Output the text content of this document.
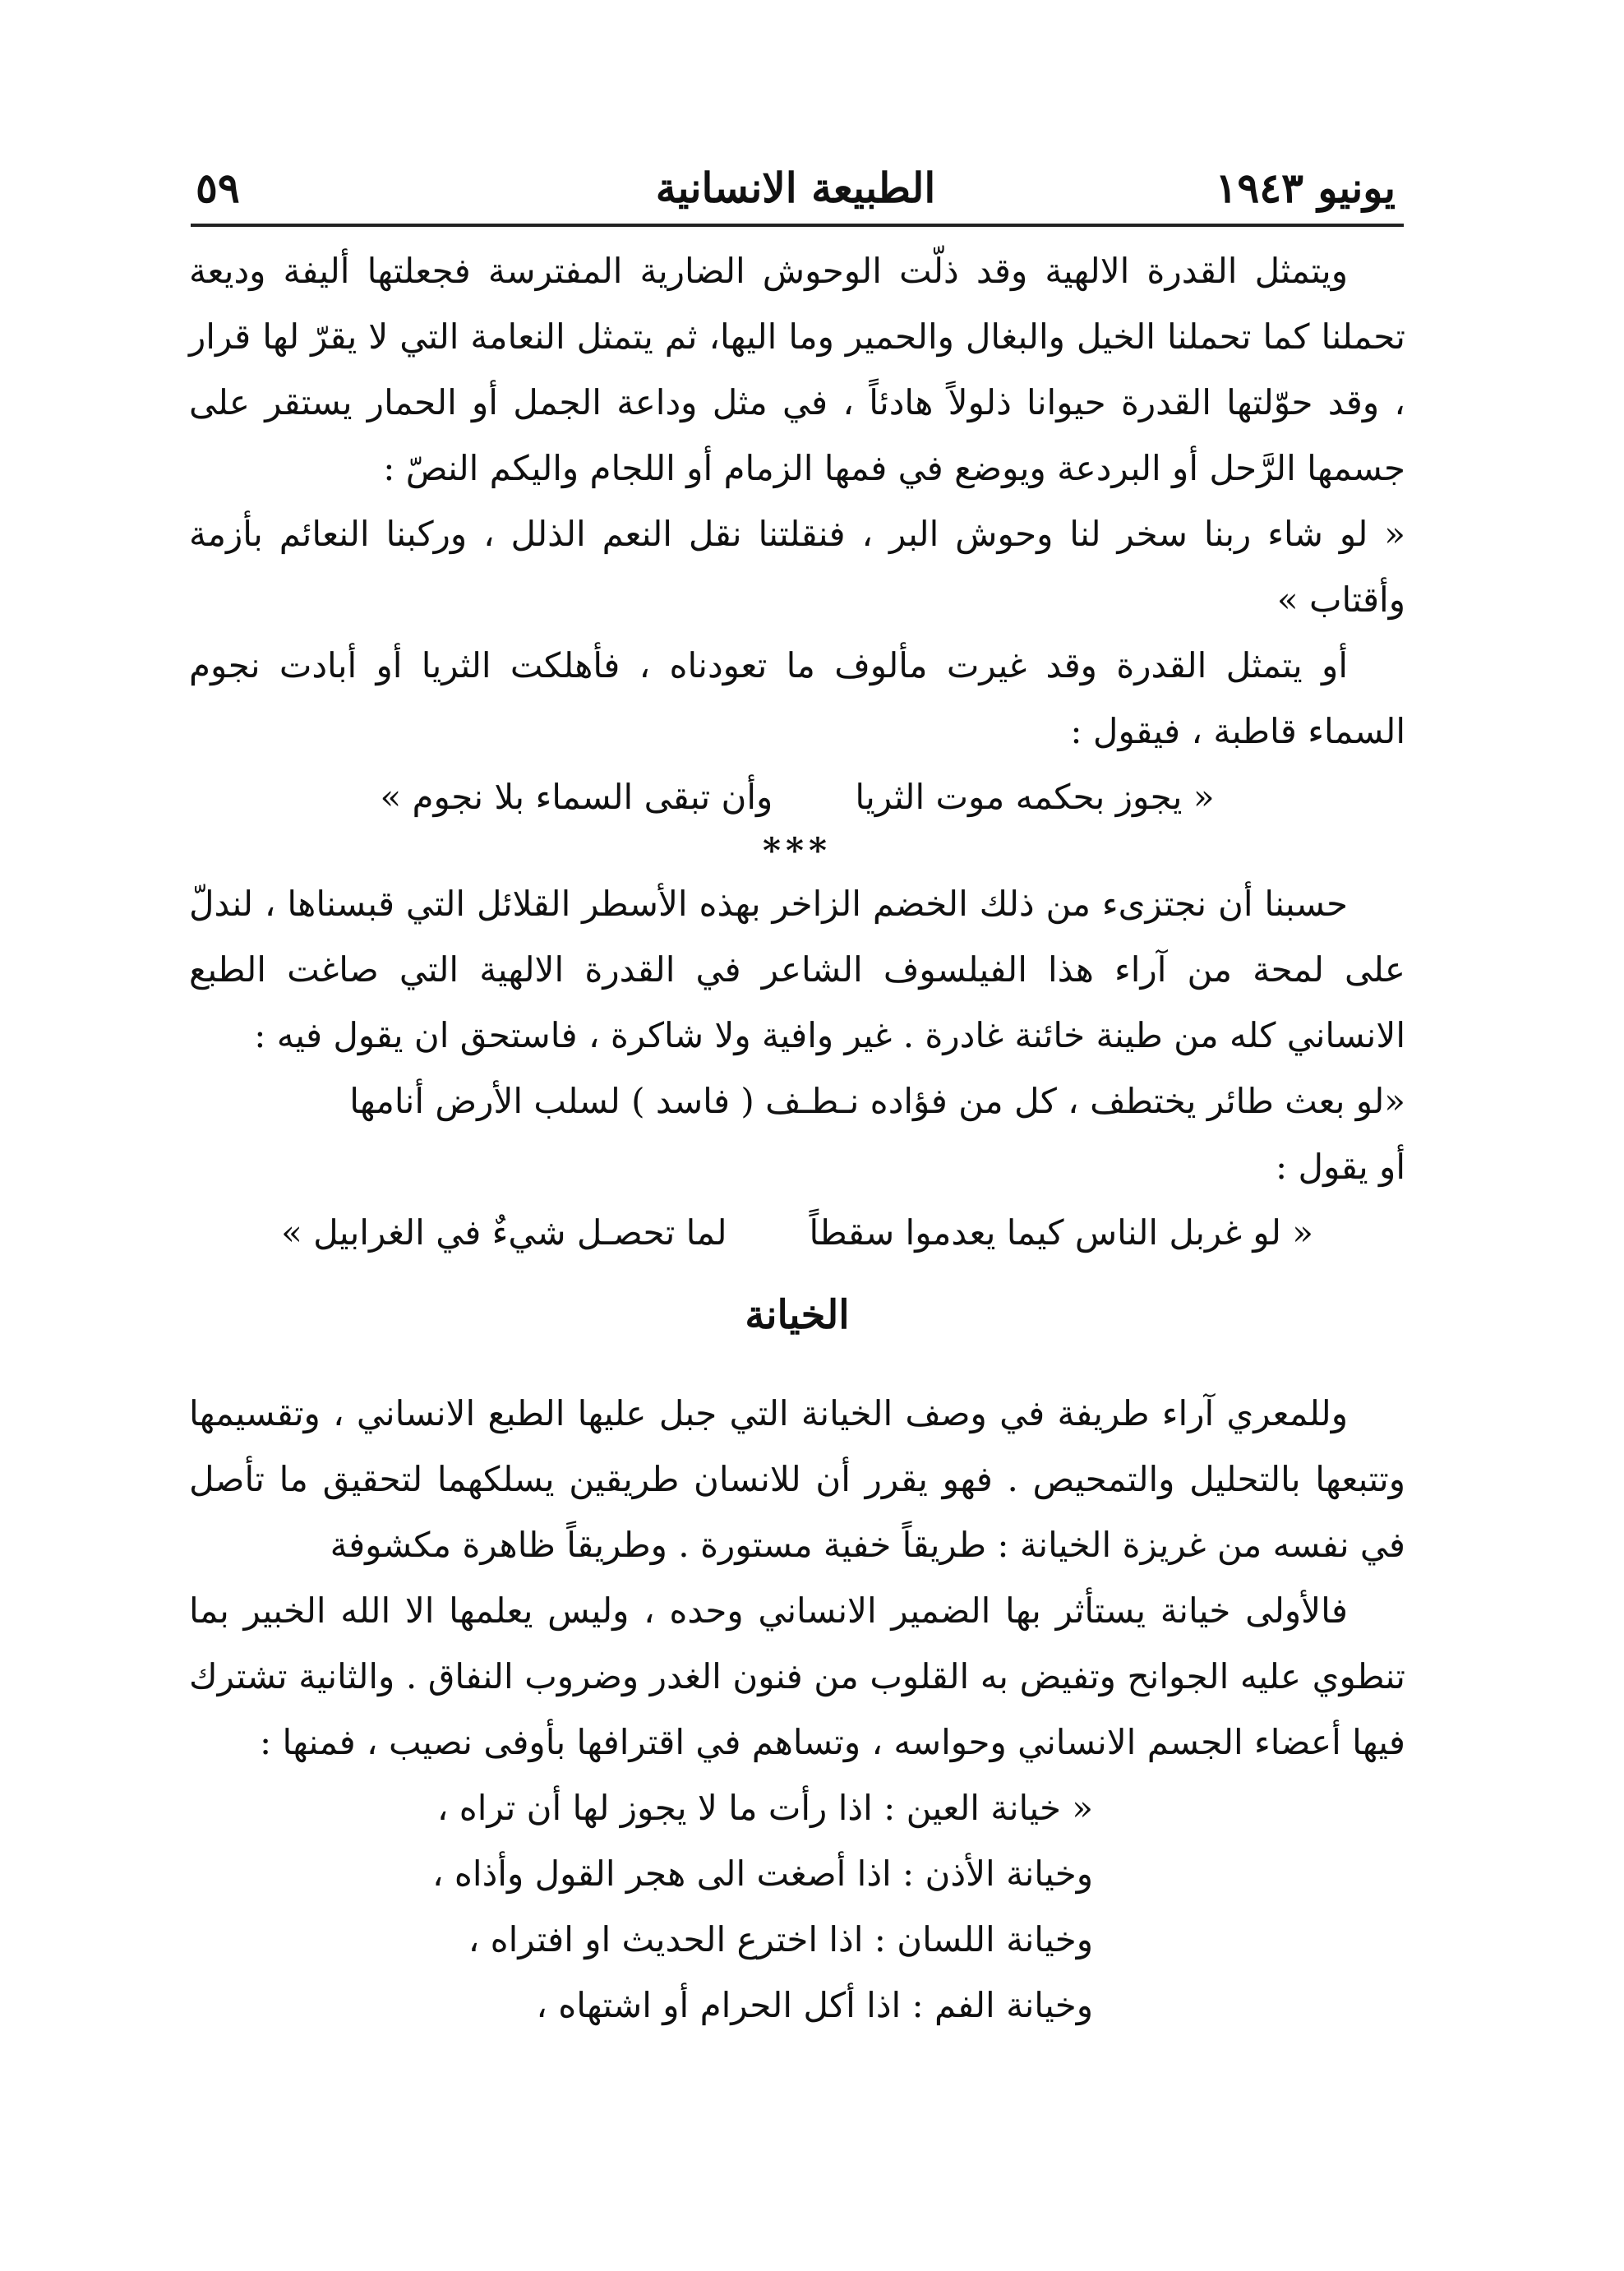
٥٩	الطبيعة الانسانية	يونيو ١٩٤٣

ويتمثل القدرة الالهية وقد ذلّت الوحوش الضارية المفترسة فجعلتها أليفة وديعة تحملنا كما تحملنا الخيل والبغال والحمير وما اليها، ثم يتمثل النعامة التي لا يقرّ لها قرار ، وقد حوّلتها القدرة حيوانا ذلولاً هادئاً ، في مثل وداعة الجمل أو الحمار يستقر على جسمها الرَّحل أو البردعة ويوضع في فمها الزمام أو اللجام واليكم النصّ :

« لو شاء ربنا سخر لنا وحوش البر ، فنقلتنا نقل النعم الذلل ، وركبنا النعائم بأزمة وأقتاب »

أو يتمثل القدرة وقد غيرت مألوف ما تعودناه ، فأهلكت الثريا أو أبادت نجوم السماء قاطبة ، فيقول :

« يجوز بحكمه موت الثريا
وأن تبقى السماء بلا نجوم »

***

حسبنا أن نجتزىء من ذلك الخضم الزاخر بهذه الأسطر القلائل التي قبسناها ، لندلّ على لمحة من آراء هذا الفيلسوف الشاعر في القدرة الالهية التي صاغت الطبع الانساني كله من طينة خائنة غادرة . غير وافية ولا شاكرة ، فاستحق ان يقول فيه :

«لو بعث طائر يختطف ، كل من فؤاده نـطـف ( فاسد ) لسلب الأرض أنامها

أو يقول :

« لو غربل الناس كيما يعدموا سقطاً
لما تحصـل شيءٌ في الغرابيل »
الخيانة

وللمعري آراء طريفة في وصف الخيانة التي جبل عليها الطبع الانساني ، وتقسيمها وتتبعها بالتحليل والتمحيص . فهو يقرر أن للانسان طريقين يسلكهما لتحقيق ما تأصل في نفسه من غريزة الخيانة : طريقاً خفية مستورة . وطريقاً ظاهرة مكشوفة

فالأولى خيانة يستأثر بها الضمير الانساني وحده ، وليس يعلمها الا الله الخبير بما تنطوي عليه الجوانح وتفيض به القلوب من فنون الغدر وضروب النفاق . والثانية تشترك فيها أعضاء الجسم الانساني وحواسه ، وتساهم في اقترافها بأوفى نصيب ، فمنها :

« خيانة العين : اذا رأت ما لا يجوز لها أن تراه ،
وخيانة الأذن : اذا أصغت الى هجر القول وأذاه ،
وخيانة اللسان : اذا اخترع الحديث او افتراه ،
وخيانة الفم : اذا أكل الحرام أو اشتهاه ،
